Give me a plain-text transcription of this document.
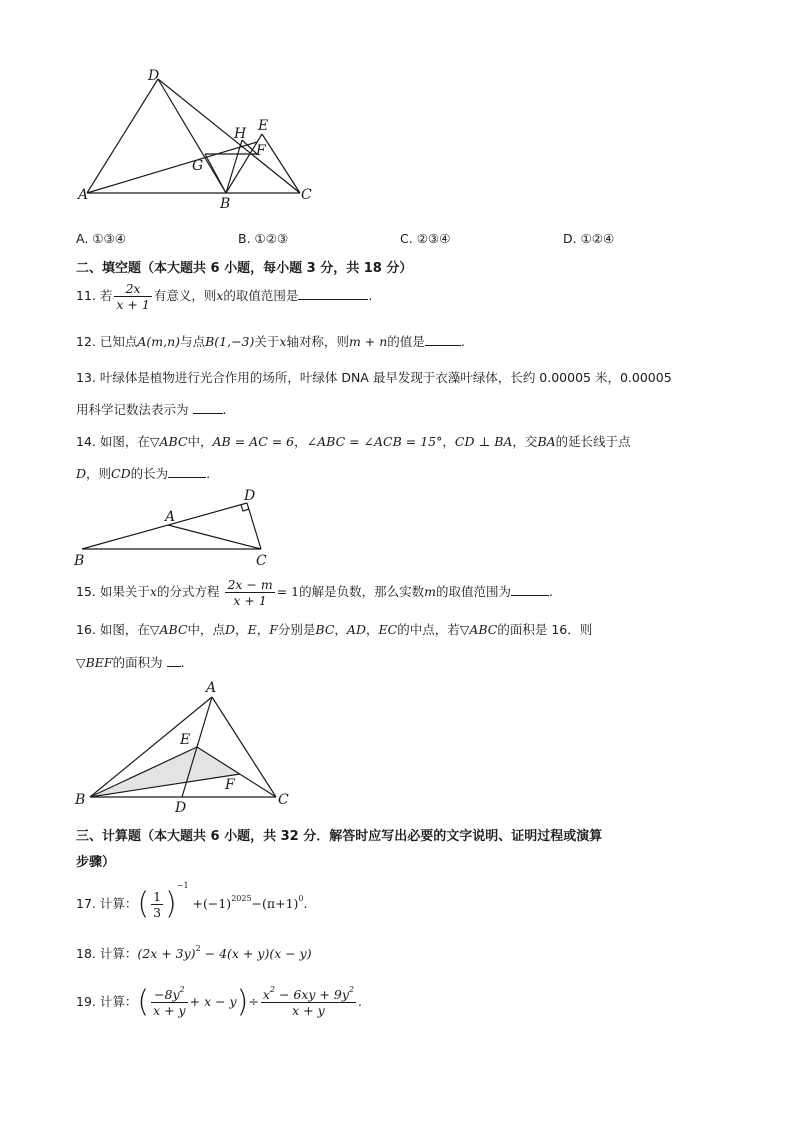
D
H E
F
G
A
B
C
A. ①③④	B. ①②③	C. ②③④	D. ①②④
二、填空题（本大题共 6 小题，每小题 3 分，共 18 分）
11. 若 $\frac{2x}{x + 1}$ 有意义，则x的取值范围是	.
12. 已知点A(m,n)与点B(1,−3)关于x轴对称，则m + n的值是	.
13. 叶绿体是植物进行光合作用的场所，叶绿体 DNA 最早发现于衣藻叶绿体，长约 0.00005 米，0.00005
用科学记数法表示为	.
14. 如图，在▽ABC中，AB = AC = 6，∠ABC = ∠ACB = 15°，CD ⊥ BA，交BA的延长线于点
D，则CD的长为	.
D
A
B	C
15. 如果关于x的分式方程 $\frac{2x - m}{x + 1} = 1$的解是负数，那么实数m的取值范围为	.
16. 如图，在▽ABC中，点D，E，F分别是BC，AD，EC的中点，若▽ABC的面积是 16．则
▽BEF的面积为 .
A
E
F
B	D	C
三、计算题（本大题共 6 小题，共 32 分．解答时应写出必要的文字说明、证明过程或演算
步骤）
17. 计算：( $\frac{1}{3} )^{-1} +(-1)^{2025}-(\pi+1)^0$.
18. 计算：$(2x + 3y)^2 - 4(x + y)(x - y)$
19. 计算：( $\frac{-8y^2}{x + y} + x - y)\div \frac{x^2 - 6xy + 9y^2}{x + y}$ .
